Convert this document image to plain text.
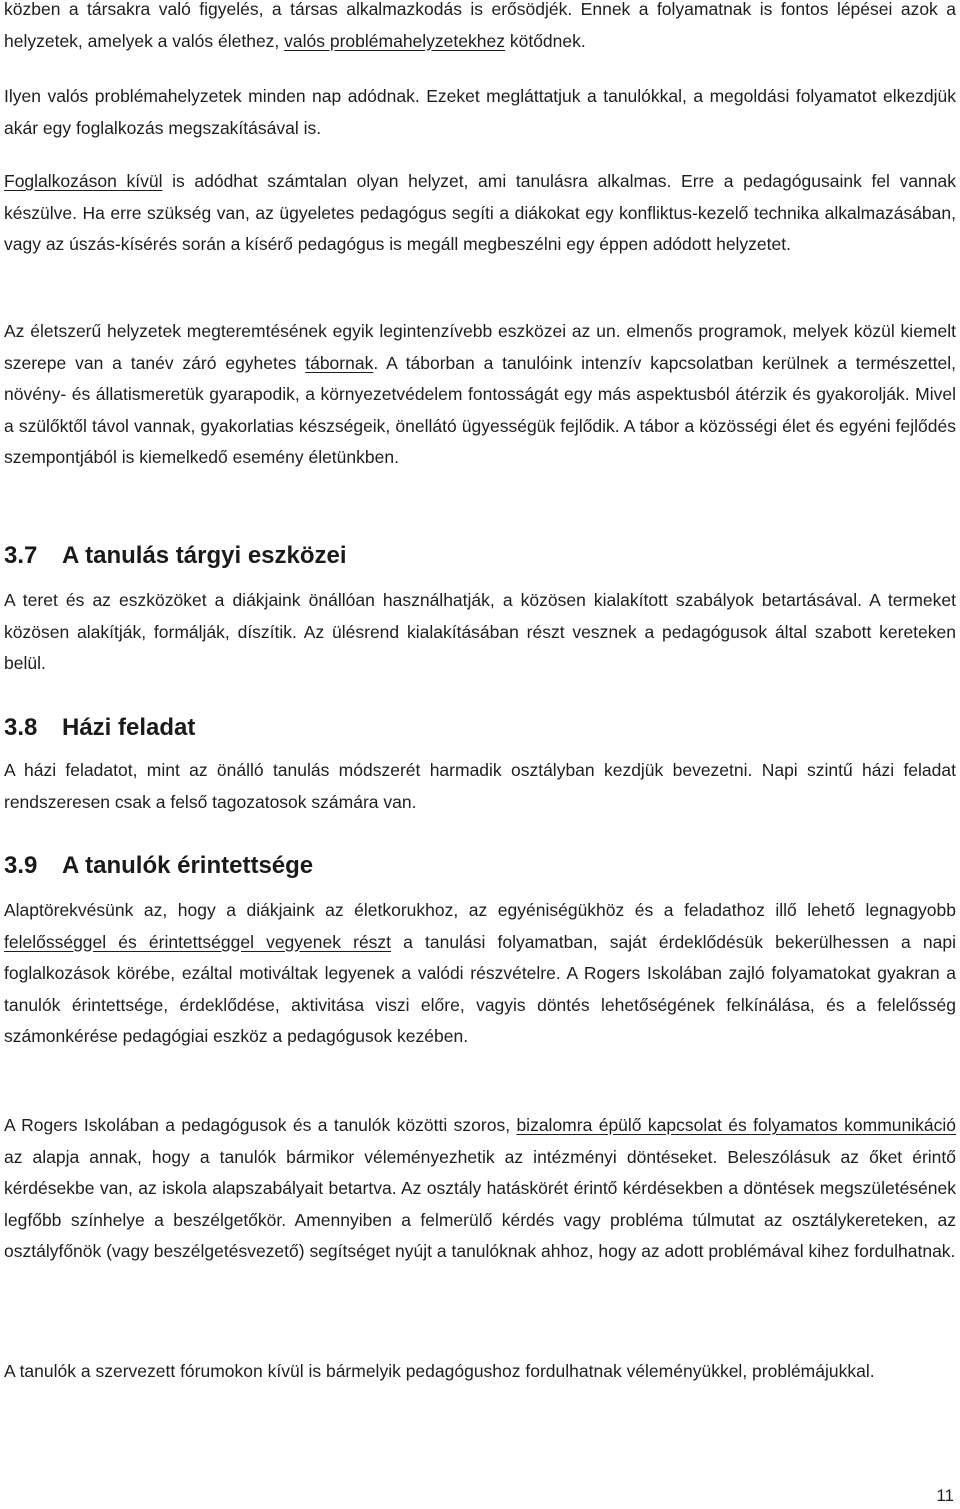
közben a társakra való figyelés, a társas alkalmazkodás is erősödjék. Ennek a folyamatnak is fontos lépései azok a helyzetek, amelyek a valós élethez, valós problémahelyzetekhez kötődnek.

Ilyen valós problémahelyzetek minden nap adódnak. Ezeket megláttatjuk a tanulókkal, a megoldási folyamatot elkezdjük akár egy foglalkozás megszakításával is.

Foglalkozáson kívül is adódhat számtalan olyan helyzet, ami tanulásra alkalmas. Erre a pedagógusaink fel vannak készülve. Ha erre szükség van, az ügyeletes pedagógus segíti a diákokat egy konfliktus-kezelő technika alkalmazásában, vagy az úszás-kísérés során a kísérő pedagógus is megáll megbeszélni egy éppen adódott helyzetet.

Az életszerű helyzetek megteremtésének egyik legintenzívebb eszközei az un. elmenős programok, melyek közül kiemelt szerepe van a tanév záró egyhetes tábornak. A táborban a tanulóink intenzív kapcsolatban kerülnek a természettel, növény- és állatismeretük gyarapodik, a környezetvédelem fontosságát egy más aspektusból átérzik és gyakorolják. Mivel a szülőktől távol vannak, gyakorlatias készségeik, önellátó ügyességük fejlődik. A tábor a közösségi élet és egyéni fejlődés szempontjából is kiemelkedő esemény életünkben.

3.7 A tanulás tárgyi eszközei

A teret és az eszközöket a diákjaink önállóan használhatják, a közösen kialakított szabályok betartásával. A termeket közösen alakítják, formálják, díszítik. Az ülésrend kialakításában részt vesznek a pedagógusok által szabott kereteken belül.

3.8 Házi feladat

A házi feladatot, mint az önálló tanulás módszerét harmadik osztályban kezdjük bevezetni. Napi szintű házi feladat rendszeresen csak a felső tagozatosok számára van.

3.9 A tanulók érintettsége

Alaptörekvésünk az, hogy a diákjaink az életkorukhoz, az egyéniségükhöz és a feladathoz illő lehető legnagyobb felelősséggel és érintettséggel vegyenek részt a tanulási folyamatban, saját érdeklődésük bekerülhessen a napi foglalkozások körébe, ezáltal motiváltak legyenek a valódi részvételre. A Rogers Iskolában zajló folyamatokat gyakran a tanulók érintettsége, érdeklődése, aktivitása viszi előre, vagyis döntés lehetőségének felkínálása, és a felelősség számonkérése pedagógiai eszköz a pedagógusok kezében.

A Rogers Iskolában a pedagógusok és a tanulók közötti szoros, bizalomra épülő kapcsolat és folyamatos kommunikáció az alapja annak, hogy a tanulók bármikor véleményezhetik az intézményi döntéseket. Beleszólásuk az őket érintő kérdésekbe van, az iskola alapszabályait betartva. Az osztály hatáskörét érintő kérdésekben a döntések megszületésének legfőbb színhelye a beszélgetőkör. Amennyiben a felmerülő kérdés vagy probléma túlmutat az osztálykereteken, az osztályfőnök (vagy beszélgetésvezető) segítséget nyújt a tanulóknak ahhoz, hogy az adott problémával kihez fordulhatnak.

A tanulók a szervezett fórumokon kívül is bármelyik pedagógushoz fordulhatnak véleményükkel, problémájukkal.

11
